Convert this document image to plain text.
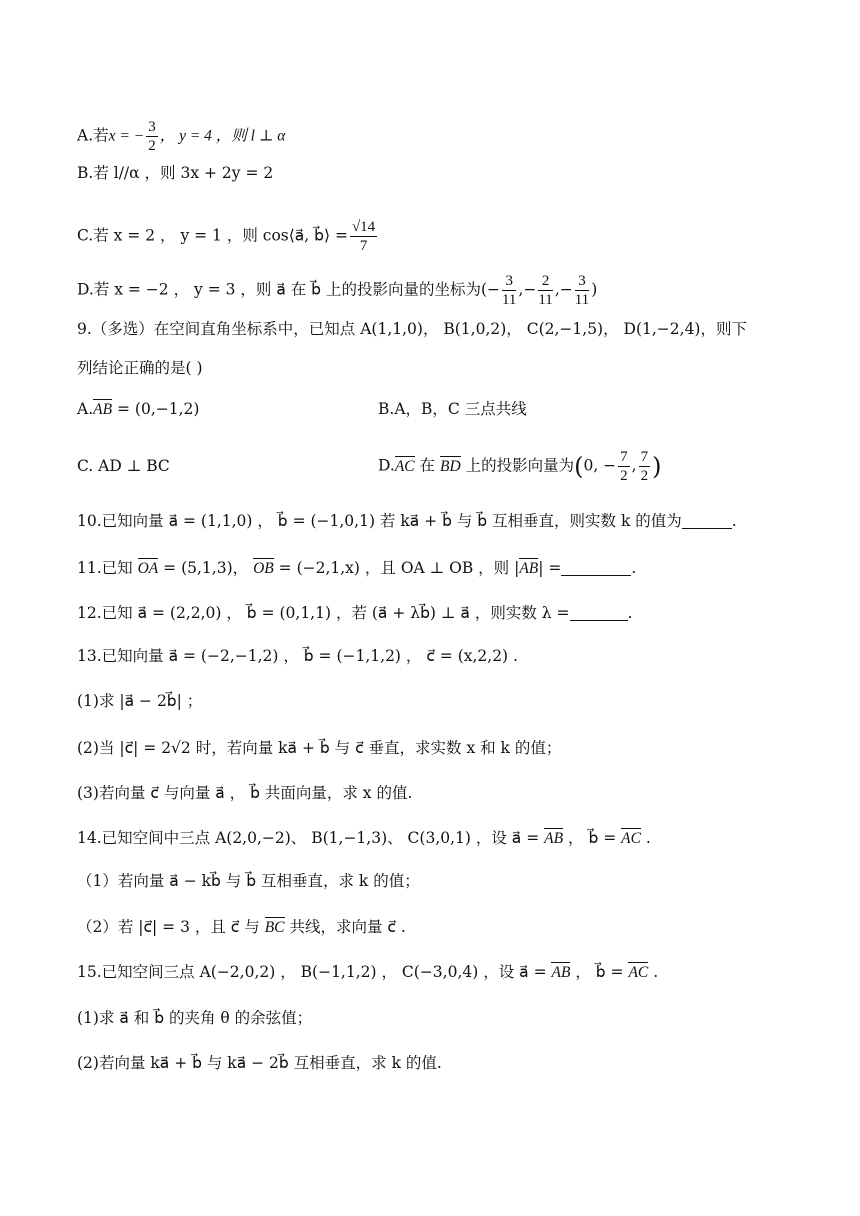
A.若x = − $\frac{3}{2}$ ， y = 4 ，则 l ⊥ α
B.若 l//α ，则 3x + 2y = 2
C.若 x = 2 ， y = 1 ，则 cos⟨a⃗, b⃗⟩ = $\frac{√14}{7}$
D.若 x = −2 ， y = 3 ，则 a⃗ 在 b⃗ 上的投影向量的坐标为(− $\frac{3}{11}$ ,− $\frac{2}{11}$ ,− $\frac{3}{11}$ )
9.（多选）在空间直角坐标系中，已知点 A(1,1,0)， B(1,0,2)， C(2,−1,5)， D(1,−2,4)，则下
列结论正确的是( )
A.AB = (0,−1,2)	B.A，B，C 三点共线
C. AD ⊥ BC	D.AC 在 BD 上的投影向量为(0, − $\frac{7}{2}$ , $\frac{7}{2}$ )
10.已知向量 a⃗ = (1,1,0) ， b⃗ = (−1,0,1) 若 ka⃗ + b⃗ 与 b⃗ 互相垂直，则实数 k 的值为	.
11.已知 OA = (5,1,3)， OB = (−2,1,x) ，且 OA ⊥ OB ，则 |AB| =	.
12.已知 a⃗ = (2,2,0) ， b⃗ = (0,1,1) ，若 (a⃗ + λb⃗) ⊥ a⃗ ，则实数 λ =	.
13.已知向量 a⃗ = (−2,−1,2) ， b⃗ = (−1,1,2) ， c⃗ = (x,2,2) .
(1)求 |a⃗ − 2b⃗| ；
(2)当 |c⃗| = 2√2 时，若向量 ka⃗ + b⃗ 与 c⃗ 垂直，求实数 x 和 k 的值；
(3)若向量 c⃗ 与向量 a⃗ ， b⃗ 共面向量，求 x 的值.
14.已知空间中三点 A(2,0,−2)、 B(1,−1,3)、 C(3,0,1) ，设 a⃗ = AB ， b⃗ = AC .
（1）若向量 a⃗ − kb⃗ 与 b⃗ 互相垂直，求 k 的值；
（2）若 |c⃗| = 3 ，且 c⃗ 与 BC 共线，求向量 c⃗ .
15.已知空间三点 A(−2,0,2) ， B(−1,1,2) ， C(−3,0,4) ，设 a⃗ = AB ， b⃗ = AC .
(1)求 a⃗ 和 b⃗ 的夹角 θ 的余弦值；
(2)若向量 ka⃗ + b⃗ 与 ka⃗ − 2b⃗ 互相垂直，求 k 的值.
